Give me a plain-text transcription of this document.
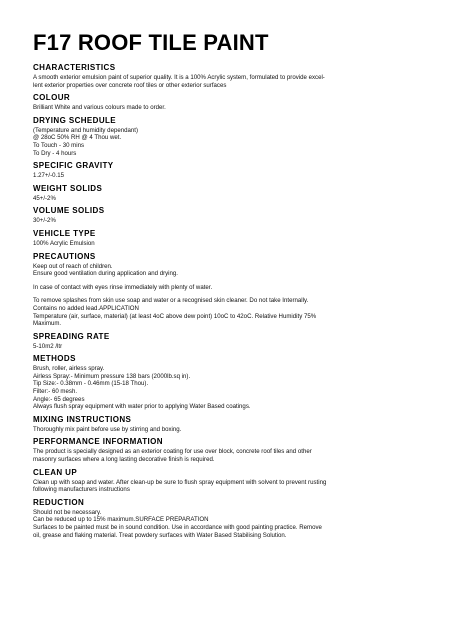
F17 ROOF TILE PAINT
CHARACTERISTICS
A smooth exterior emulsion paint of superior quality. It is a 100% Acrylic system, formulated to provide excel-
lent exterior properties over concrete roof tiles or other exterior surfaces
COLOUR
Brilliant White and various colours made to order.
DRYING SCHEDULE
(Temperature and humidity dependant)
@ 28oC 50% RH @ 4 Thou wet.
To Touch - 30 mins
To Dry - 4 hours
SPECIFIC GRAVITY
1.27+/-0.15
WEIGHT SOLIDS
45+/-2%
VOLUME SOLIDS
30+/-2%
VEHICLE TYPE
100% Acrylic Emulsion
PRECAUTIONS
Keep out of reach of children.
Ensure good ventilation during application and drying.
In case of contact with eyes rinse immediately with plenty of water.
To remove splashes from skin use soap and water or a recognised skin cleaner. Do not take Internally.
Contains no added lead.APPLICATION
Temperature (air, surface, material) (at least 4oC above dew point) 10oC to 42oC. Relative Humidity 75%
Maximum.
SPREADING RATE
5-10m2 /ltr
METHODS
Brush, roller, airless spray.
Airless Spray:- Minimum pressure 138 bars (2000lb.sq in).
Tip Size:- 0.38mm - 0.46mm (15-18 Thou).
Filter:- 60 mesh.
Angle:- 65 degrees
Always flush spray equipment with water prior to applying Water Based coatings.
MIXING INSTRUCTIONS
Thoroughly mix paint before use by stirring and boxing.
PERFORMANCE INFORMATION
The product is specially designed as an exterior coating for use over block, concrete roof tiles and other
masonry surfaces where a long lasting decorative finish is required.
CLEAN UP
Clean up with soap and water. After clean-up be sure to flush spray equipment with solvent to prevent rusting
following manufacturers instructions
REDUCTION
Should not be necessary.
Can be reduced up to 15% maximum.SURFACE PREPARATION
Surfaces to be painted must be in sound condition. Use in accordance with good painting practice. Remove
oil, grease and flaking material. Treat powdery surfaces with Water Based Stabilising Solution.
